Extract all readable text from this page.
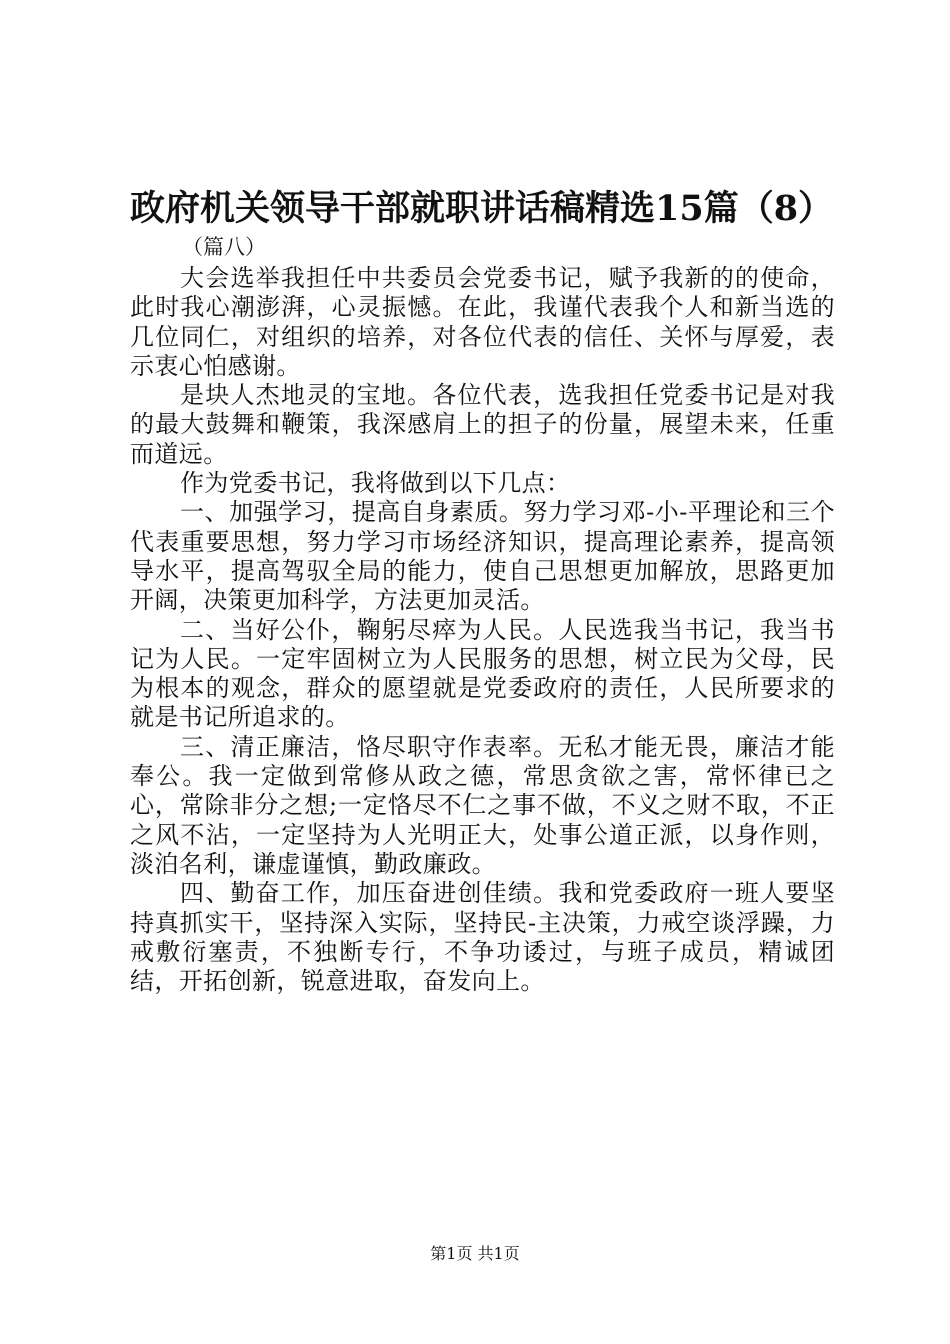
政府机关领导干部就职讲话稿精选15篇（8）
（篇八）

大会选举我担任中共委员会党委书记，赋予我新的的使命，此时我心潮澎湃，心灵振憾。在此，我谨代表我个人和新当选的几位同仁，对组织的培养，对各位代表的信任、关怀与厚爱，表示衷心怕感谢。

是块人杰地灵的宝地。各位代表，选我担任党委书记是对我的最大鼓舞和鞭策，我深感肩上的担子的份量，展望未来，任重而道远。

作为党委书记，我将做到以下几点：

一、加强学习，提高自身素质。努力学习邓-小-平理论和三个代表重要思想，努力学习市场经济知识，提高理论素养，提高领导水平，提高驾驭全局的能力，使自己思想更加解放，思路更加开阔，决策更加科学，方法更加灵活。

二、当好公仆，鞠躬尽瘁为人民。人民选我当书记，我当书记为人民。一定牢固树立为人民服务的思想，树立民为父母，民为根本的观念，群众的愿望就是党委政府的责任，人民所要求的就是书记所追求的。

三、清正廉洁，恪尽职守作表率。无私才能无畏，廉洁才能奉公。我一定做到常修从政之德，常思贪欲之害，常怀律已之心，常除非分之想;一定恪尽不仁之事不做，不义之财不取，不正之风不沾，一定坚持为人光明正大，处事公道正派，以身作则，淡泊名利，谦虚谨慎，勤政廉政。

四、勤奋工作，加压奋进创佳绩。我和党委政府一班人要坚持真抓实干，坚持深入实际，坚持民-主决策，力戒空谈浮躁，力戒敷衍塞责，不独断专行，不争功诿过，与班子成员，精诚团结，开拓创新，锐意进取，奋发向上。

第1页 共1页
